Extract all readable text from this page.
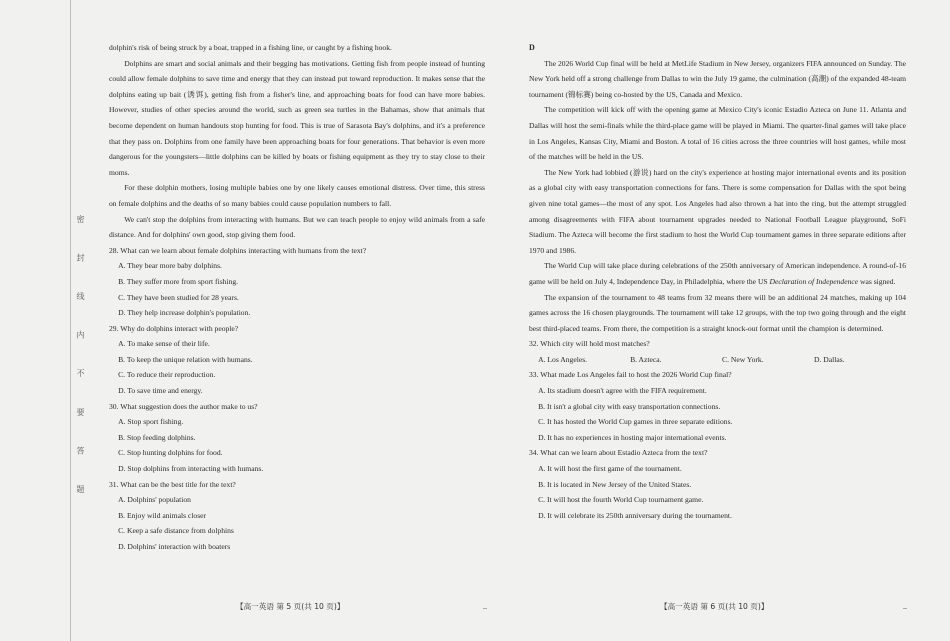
密 封 线 内 不 要 答 题

dolphin's risk of being struck by a boat, trapped in a fishing line, or caught by a fishing hook.

Dolphins are smart and social animals and their begging has motivations. Getting fish from people instead of hunting could allow female dolphins to save time and energy that they can instead put toward reproduction. It makes sense that the dolphins eating up bait (诱饵), getting fish from a fisher's line, and approaching boats for food can have more babies. However, studies of other species around the world, such as green sea turtles in the Bahamas, show that animals that become dependent on human handouts stop hunting for food. This is true of Sarasota Bay's dolphins, and it's a preference that they pass on. Dolphins from one family have been approaching boats for four generations. That behavior is even more dangerous for the youngsters—little dolphins can be killed by boats or fishing equipment as they try to stay close to their moms.

For these dolphin mothers, losing multiple babies one by one likely causes emotional distress. Over time, this stress on female dolphins and the deaths of so many babies could cause population numbers to fall.

We can't stop the dolphins from interacting with humans. But we can teach people to enjoy wild animals from a safe distance. And for dolphins' own good, stop giving them food.

28. What can we learn about female dolphins interacting with humans from the text?

A. They bear more baby dolphins.

B. They suffer more from sport fishing.

C. They have been studied for 28 years.

D. They help increase dolphin's population.

29. Why do dolphins interact with people?

A. To make sense of their life.

B. To keep the unique relation with humans.

C. To reduce their reproduction.

D. To save time and energy.

30. What suggestion does the author make to us?

A. Stop sport fishing.

B. Stop feeding dolphins.

C. Stop hunting dolphins for food.

D. Stop dolphins from interacting with humans.

31. What can be the best title for the text?

A. Dolphins' population

B. Enjoy wild animals closer

C. Keep a safe distance from dolphins

D. Dolphins' interaction with boaters

D

The 2026 World Cup final will be held at MetLife Stadium in New Jersey, organizers FIFA announced on Sunday. The New York held off a strong challenge from Dallas to win the July 19 game, the culmination (高潮) of the expanded 48-team tournament (锦标赛) being co-hosted by the US, Canada and Mexico.

The competition will kick off with the opening game at Mexico City's iconic Estadio Azteca on June 11. Atlanta and Dallas will host the semi-finals while the third-place game will be played in Miami. The quarter-final games will take place in Los Angeles, Kansas City, Miami and Boston. A total of 16 cities across the three countries will host games, while most of the matches will be held in the US.

The New York had lobbied (游说) hard on the city's experience at hosting major international events and its position as a global city with easy transportation connections for fans. There is some compensation for Dallas with the spot being given nine total games—the most of any spot. Los Angeles had also thrown a hat into the ring, but the attempt struggled among disagreements with FIFA about tournament upgrades needed to National Football League playground, SoFi Stadium. The Azteca will become the first stadium to host the World Cup tournament games in three separate editions after 1970 and 1986.

The World Cup will take place during celebrations of the 250th anniversary of American independence. A round-of-16 game will be held on July 4, Independence Day, in Philadelphia, where the US Declaration of Independence was signed.

The expansion of the tournament to 48 teams from 32 means there will be an additional 24 matches, making up 104 games across the 16 chosen playgrounds. The tournament will take 12 groups, with the top two going through and the eight best third-placed teams. From there, the competition is a straight knock-out format until the champion is determined.

32. Which city will hold most matches?

A. Los Angeles.	B. Azteca.	C. New York.	D. Dallas.

33. What made Los Angeles fail to host the 2026 World Cup final?

A. Its stadium doesn't agree with the FIFA requirement.

B. It isn't a global city with easy transportation connections.

C. It has hosted the World Cup games in three separate editions.

D. It has no experiences in hosting major international events.

34. What can we learn about Estadio Azteca from the text?

A. It will host the first game of the tournament.

B. It is located in New Jersey of the United States.

C. It will host the fourth World Cup tournament game.

D. It will celebrate its 250th anniversary during the tournament.

【高一英语 第 5 页(共 10 页)】	【高一英语 第 6 页(共 10 页)】
